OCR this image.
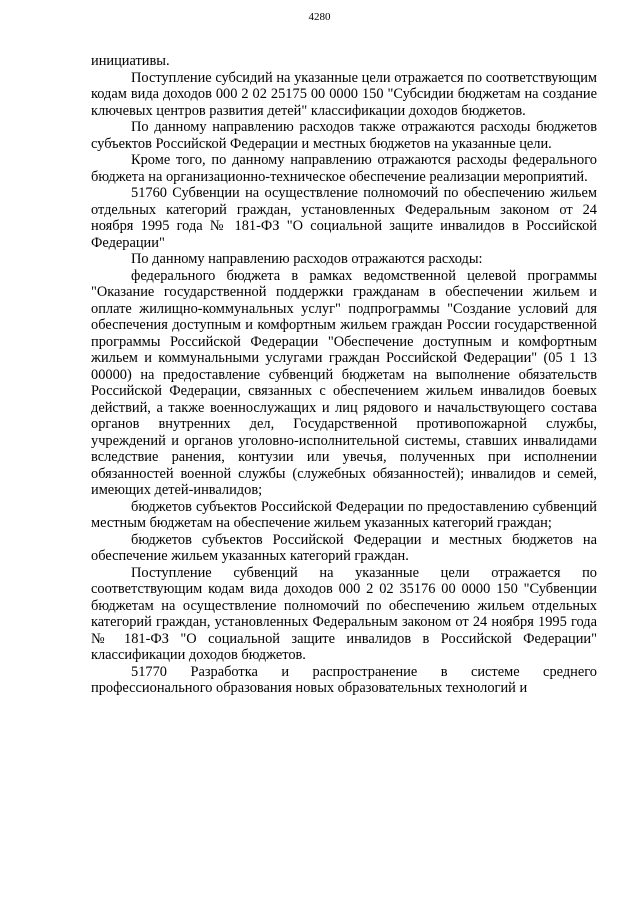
4280

инициативы.

Поступление субсидий на указанные цели отражается по соответствующим кодам вида доходов 000 2 02 25175 00 0000 150 "Субсидии бюджетам на создание ключевых центров развития детей" классификации доходов бюджетов.

По данному направлению расходов также отражаются расходы бюджетов субъектов Российской Федерации и местных бюджетов на указанные цели.

Кроме того, по данному направлению отражаются расходы федерального бюджета на организационно-техническое обеспечение реализации мероприятий.

51760 Субвенции на осуществление полномочий по обеспечению жильем отдельных категорий граждан, установленных Федеральным законом от 24 ноября 1995 года № 181-ФЗ "О социальной защите инвалидов в Российской Федерации"

По данному направлению расходов отражаются расходы:

федерального бюджета в рамках ведомственной целевой программы "Оказание государственной поддержки гражданам в обеспечении жильем и оплате жилищно-коммунальных услуг" подпрограммы "Создание условий для обеспечения доступным и комфортным жильем граждан России государственной программы Российской Федерации "Обеспечение доступным и комфортным жильем и коммунальными услугами граждан Российской Федерации" (05 1 13 00000) на предоставление субвенций бюджетам на выполнение обязательств Российской Федерации, связанных с обеспечением жильем инвалидов боевых действий, а также военнослужащих и лиц рядового и начальствующего состава органов внутренних дел, Государственной противопожарной службы, учреждений и органов уголовно-исполнительной системы, ставших инвалидами вследствие ранения, контузии или увечья, полученных при исполнении обязанностей военной службы (служебных обязанностей); инвалидов и семей, имеющих детей-инвалидов;

бюджетов субъектов Российской Федерации по предоставлению субвенций местным бюджетам на обеспечение жильем указанных категорий граждан;

бюджетов субъектов Российской Федерации и местных бюджетов на обеспечение жильем указанных категорий граждан.

Поступление субвенций на указанные цели отражается по соответствующим кодам вида доходов 000 2 02 35176 00 0000 150 "Субвенции бюджетам на осуществление полномочий по обеспечению жильем отдельных категорий граждан, установленных Федеральным законом от 24 ноября 1995 года № 181-ФЗ "О социальной защите инвалидов в Российской Федерации" классификации доходов бюджетов.

51770 Разработка и распространение в системе среднего профессионального образования новых образовательных технологий и
